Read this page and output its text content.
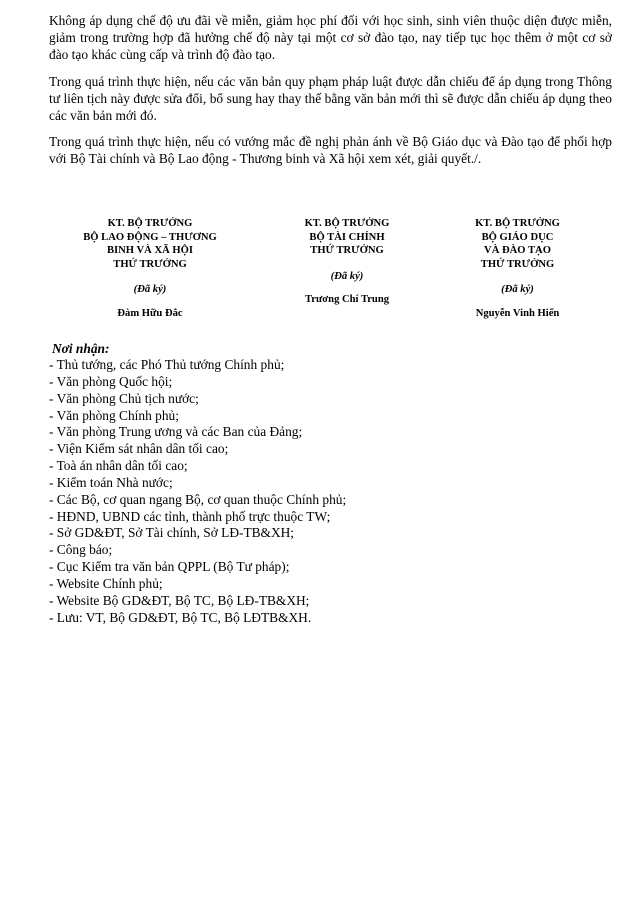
Không áp dụng chế độ ưu đãi về miễn, giảm học phí đối với học sinh, sinh viên thuộc diện được miễn, giảm trong trường hợp đã hưởng chế độ này tại một cơ sở đào tạo, nay tiếp tục học thêm ở một cơ sở đào tạo khác cùng cấp và trình độ đào tạo.

Trong quá trình thực hiện, nếu các văn bản quy phạm pháp luật được dẫn chiếu để áp dụng trong Thông tư liên tịch này được sửa đổi, bổ sung hay thay thế bằng văn bản mới thì sẽ được dẫn chiếu áp dụng theo các văn bản mới đó.

Trong quá trình thực hiện, nếu có vướng mắc đề nghị phản ánh về Bộ Giáo dục và Đào tạo để phối hợp với Bộ Tài chính và Bộ Lao động - Thương binh và Xã hội xem xét, giải quyết./.

KT. BỘ TRƯỞNG
BỘ LAO ĐỘNG – THƯƠNG
BINH VÀ XÃ HỘI
THỨ TRƯỞNG
(Đã ký)
Đàm Hữu Đắc
KT. BỘ TRƯỞNG
BỘ TÀI CHÍNH
THỨ TRƯỞNG
(Đã ký)
Trương Chí Trung
KT. BỘ TRƯỞNG
BỘ GIÁO DỤC
VÀ ĐÀO TẠO
THỨ TRƯỞNG
(Đã ký)
Nguyễn Vinh Hiển

Nơi nhận:

- Thủ tướng, các Phó Thủ tướng Chính phủ;
- Văn phòng Quốc hội;
- Văn phòng Chủ tịch nước;
- Văn phòng Chính phủ;
- Văn phòng Trung ương và các Ban của Đảng;
- Viện Kiểm sát nhân dân tối cao;
- Toà án nhân dân tối cao;
- Kiểm toán Nhà nước;
- Các Bộ, cơ quan ngang Bộ, cơ quan thuộc Chính phủ;
- HĐND, UBND các tỉnh, thành phố trực thuộc TW;
- Sở GD&ĐT, Sở Tài chính, Sở LĐ-TB&XH;
- Công báo;
- Cục Kiểm tra văn bản QPPL (Bộ Tư pháp);
- Website Chính phủ;
- Website Bộ GD&ĐT, Bộ TC, Bộ LĐ-TB&XH;
- Lưu: VT, Bộ GD&ĐT, Bộ TC, Bộ LĐTB&XH.
